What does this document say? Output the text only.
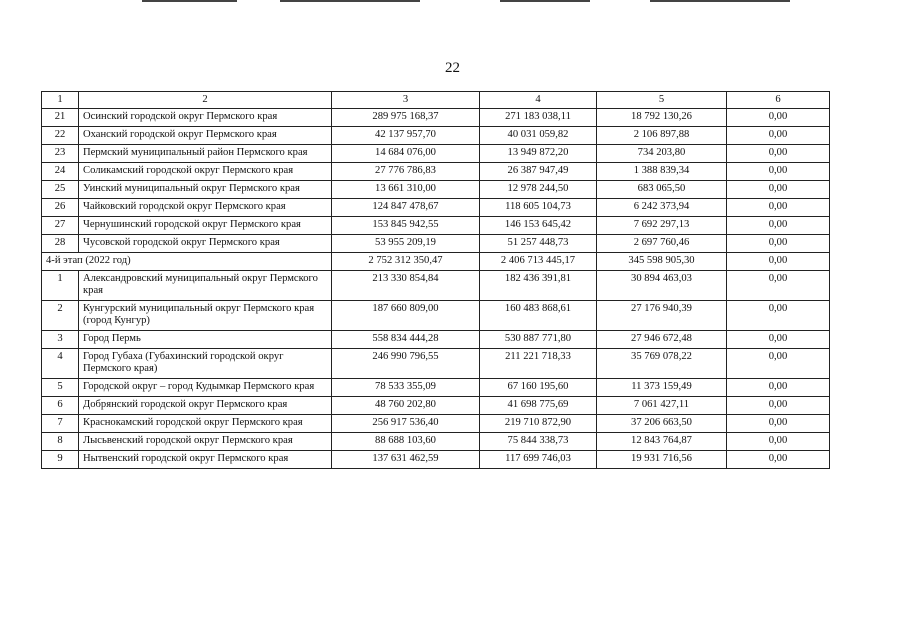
22
1	2	3	4	5	6
21	Осинский городской округ Пермского края	289 975 168,37	271 183 038,11	18 792 130,26	0,00
22	Оханский городской округ Пермского края	42 137 957,70	40 031 059,82	2 106 897,88	0,00
23	Пермский муниципальный район Пермского края	14 684 076,00	13 949 872,20	734 203,80	0,00
24	Соликамский городской округ Пермского края	27 776 786,83	26 387 947,49	1 388 839,34	0,00
25	Уинский муниципальный округ Пермского края	13 661 310,00	12 978 244,50	683 065,50	0,00
26	Чайковский городской округ Пермского края	124 847 478,67	118 605 104,73	6 242 373,94	0,00
27	Чернушинский городской округ Пермского края	153 845 942,55	146 153 645,42	7 692 297,13	0,00
28	Чусовской городской округ Пермского края	53 955 209,19	51 257 448,73	2 697 760,46	0,00
4-й этап (2022 год)		2 752 312 350,47	2 406 713 445,17	345 598 905,30	0,00
1	Александровский муниципальный округ Пермского края	213 330 854,84	182 436 391,81	30 894 463,03	0,00
2	Кунгурский муниципальный округ Пермского края (город Кунгур)	187 660 809,00	160 483 868,61	27 176 940,39	0,00
3	Город Пермь	558 834 444,28	530 887 771,80	27 946 672,48	0,00
4	Город Губаха (Губахинский городской округ Пермского края)	246 990 796,55	211 221 718,33	35 769 078,22	0,00
5	Городской округ – город Кудымкар Пермского края	78 533 355,09	67 160 195,60	11 373 159,49	0,00
6	Добрянский городской округ Пермского края	48 760 202,80	41 698 775,69	7 061 427,11	0,00
7	Краснокамский городской округ Пермского края	256 917 536,40	219 710 872,90	37 206 663,50	0,00
8	Лысьвенский городской округ Пермского края	88 688 103,60	75 844 338,73	12 843 764,87	0,00
9	Нытвенский городской округ Пермского края	137 631 462,59	117 699 746,03	19 931 716,56	0,00
